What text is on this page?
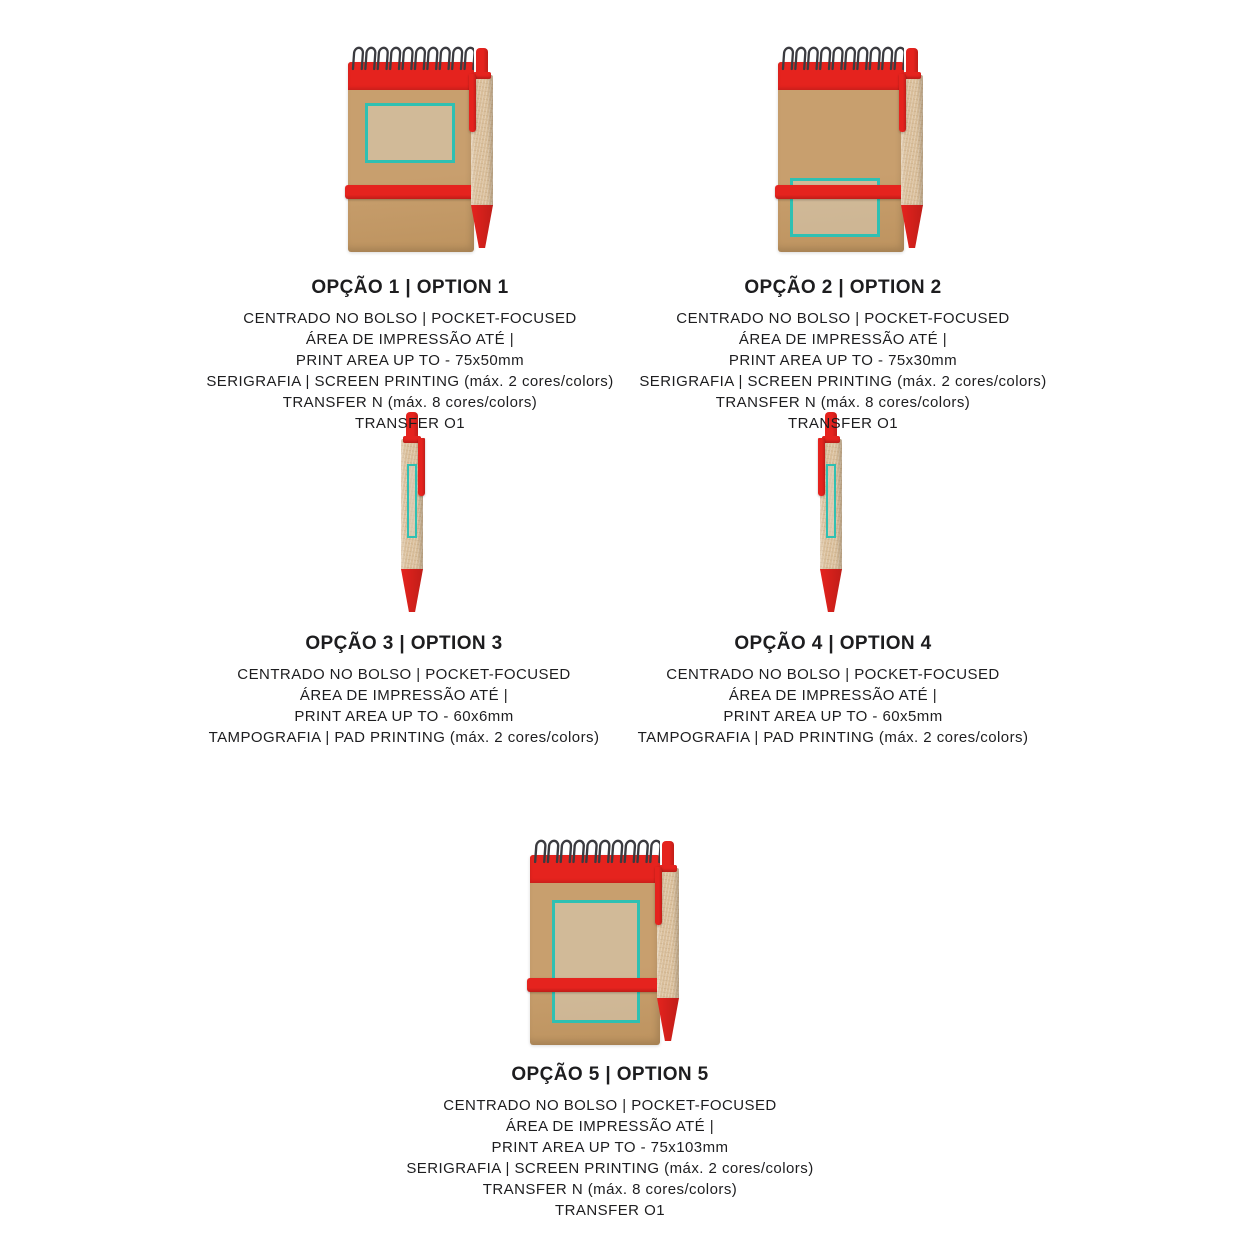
OPÇÃO 1 | OPTION 1

CENTRADO NO BOLSO | POCKET-FOCUSED

ÁREA DE IMPRESSÃO ATÉ |

PRINT AREA UP TO - 75x50mm

SERIGRAFIA | SCREEN PRINTING (máx. 2 cores/colors)

TRANSFER N (máx. 8 cores/colors)

TRANSFER O1

OPÇÃO 2 | OPTION 2

CENTRADO NO BOLSO | POCKET-FOCUSED

ÁREA DE IMPRESSÃO ATÉ |

PRINT AREA UP TO - 75x30mm

SERIGRAFIA | SCREEN PRINTING (máx. 2 cores/colors)

TRANSFER N (máx. 8 cores/colors)

TRANSFER O1

OPÇÃO 3 | OPTION 3

CENTRADO NO BOLSO | POCKET-FOCUSED

ÁREA DE IMPRESSÃO ATÉ |

PRINT AREA UP TO - 60x6mm

TAMPOGRAFIA | PAD PRINTING (máx. 2 cores/colors)

OPÇÃO 4 | OPTION 4

CENTRADO NO BOLSO | POCKET-FOCUSED

ÁREA DE IMPRESSÃO ATÉ |

PRINT AREA UP TO - 60x5mm

TAMPOGRAFIA | PAD PRINTING (máx. 2 cores/colors)

OPÇÃO 5 | OPTION 5

CENTRADO NO BOLSO | POCKET-FOCUSED

ÁREA DE IMPRESSÃO ATÉ |

PRINT AREA UP TO - 75x103mm

SERIGRAFIA | SCREEN PRINTING (máx. 2 cores/colors)

TRANSFER N (máx. 8 cores/colors)

TRANSFER O1
